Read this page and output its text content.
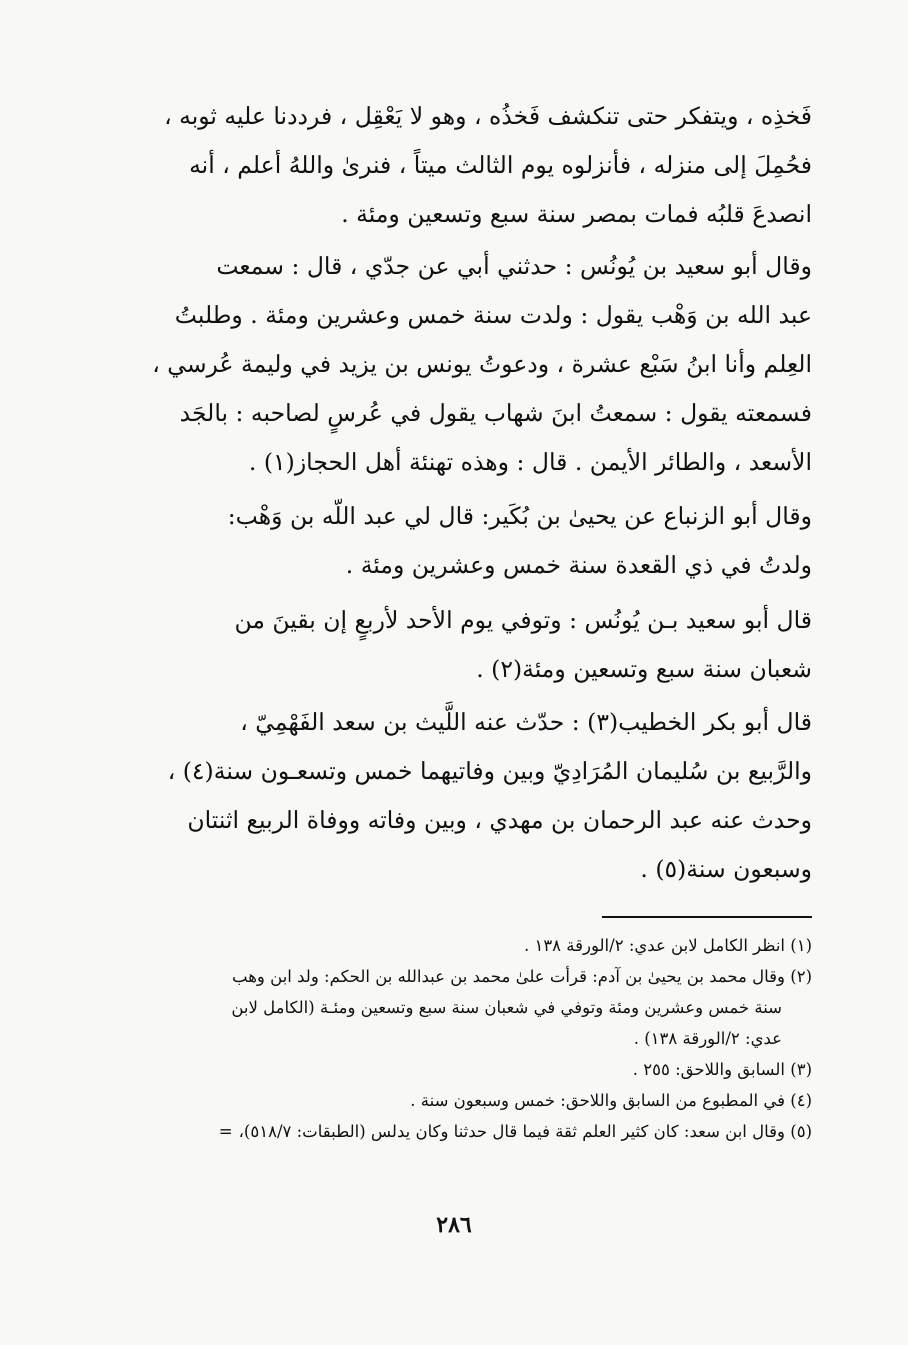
فَخذِه ، ويتفكر حتى تنكشف فَخذُه ، وهو لا يَعْقِل ، فرددنا عليه ثوبه ،
فحُمِلَ إلى منزله ، فأنزلوه يوم الثالث ميتاً ، فنرىٰ واللهُ أعلم ، أنه
انصدعَ قلبُه فمات بمصر سنة سبع وتسعين ومئة .
وقال أبو سعيد بن يُونُس : حدثني أبي عن جدّي ، قال : سمعت
عبد الله بن وَهْب يقول : ولدت سنة خمس وعشرين ومئة . وطلبتُ
العِلم وأنا ابنُ سَبْع عشرة ، ودعوتُ يونس بن يزيد في وليمة عُرسي ،
فسمعته يقول : سمعتُ ابنَ شهاب يقول في عُرسٍ لصاحبه : بالجَد
الأسعد ، والطائر الأيمن . قال : وهذه تهنئة أهل الحجاز(١) .
وقال أبو الزنباع عن يحيىٰ بن بُكَير: قال لي عبد اللّه بن وَهْب:
ولدتُ في ذي القعدة سنة خمس وعشرين ومئة .
قال أبو سعيد بـن يُونُس : وتوفي يوم الأحد لأربعٍ إن بقينَ من
شعبان سنة سبع وتسعين ومئة(٢) .
قال أبو بكر الخطيب(٣) : حدّث عنه اللَّيث بن سعد الفَهْمِيّ ،
والرَّبيع بن سُليمان المُرَادِيّ وبين وفاتيهما خمس وتسعـون سنة(٤) ،
وحدث عنه عبد الرحمان بن مهدي ، وبين وفاته ووفاة الربيع اثنتان
وسبعون سنة(٥) .
(١) انظر الكامل لابن عدي: ٢/الورقة ١٣٨ .
(٢) وقال محمد بن يحيىٰ بن آدم: قرأت علىٰ محمد بن عبدالله بن الحكم: ولد ابن وهب
سنة خمس وعشرين ومئة وتوفي في شعبان سنة سبع وتسعين ومئـة (الكامل لابن
عدي: ٢/الورقة ١٣٨) .
(٣) السابق واللاحق: ٢٥٥ .
(٤) في المطبوع من السابق واللاحق: خمس وسبعون سنة .
(٥) وقال ابن سعد: كان كثير العلم ثقة فيما قال حدثنا وكان يدلس (الطبقات: ٥١٨/٧)،=
٢٨٦
